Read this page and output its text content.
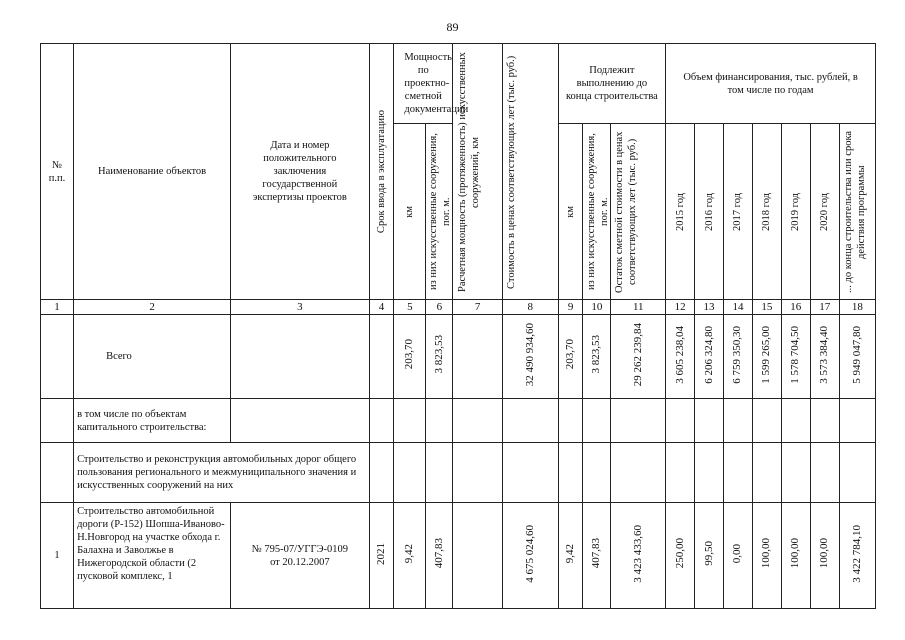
89
№ п.п.	Наименование объектов	Дата и номер положительного заключения государственной экспертизы проектов	Срок ввода в эксплуатацию	Мощность по проектно-сметной документации		Расчетная мощность (протяженность) искусственных сооружений, км	Стоимость в ценах соответствующих лет (тыс. руб.)	Подлежит выполнению до конца строительства			Объем финансирования, тыс. рублей, в том числе по годам						

				км	из них искусственные сооружения, пог. м.			км	из них искусственные сооружения, пог. м.	Остаток сметной стоимости в ценах соответствующих лет (тыс. руб.)	2015 год	2016 год	2017 год	2018 год	2019 год	2020 год	... до конца строительства или срока действия программы

1	2	3	4	5	6	7	8	9	10	11	12	13	14	15	16	17	18
	Всего			203,70	3 823,53		32 490 934,60	203,70	3 823,53	29 262 239,84	3 605 238,04	6 206 324,80	6 759 350,30	1 599 265,00	1 578 704,50	3 573 384,40	5 949 047,80
	в том числе по объектам капитального строительства:																
	Строительство и реконструкция автомобильных дорог общего пользования регионального и межмуниципального значения и искусственных сооружений на них																
1	Строительство автомобильной дороги (Р-152) Шопша-Иваново-Н.Новгород на участке обхода г. Балахна и Заволжье в Нижегородской области (2 пусковой комплекс, 1	№ 795-07/УГГЭ-0109 от 20.12.2007	2021	9,42	407,83		4 675 024,60	9,42	407,83	3 423 433,60	250,00	99,50	0,00	100,00	100,00	100,00	3 422 784,10
